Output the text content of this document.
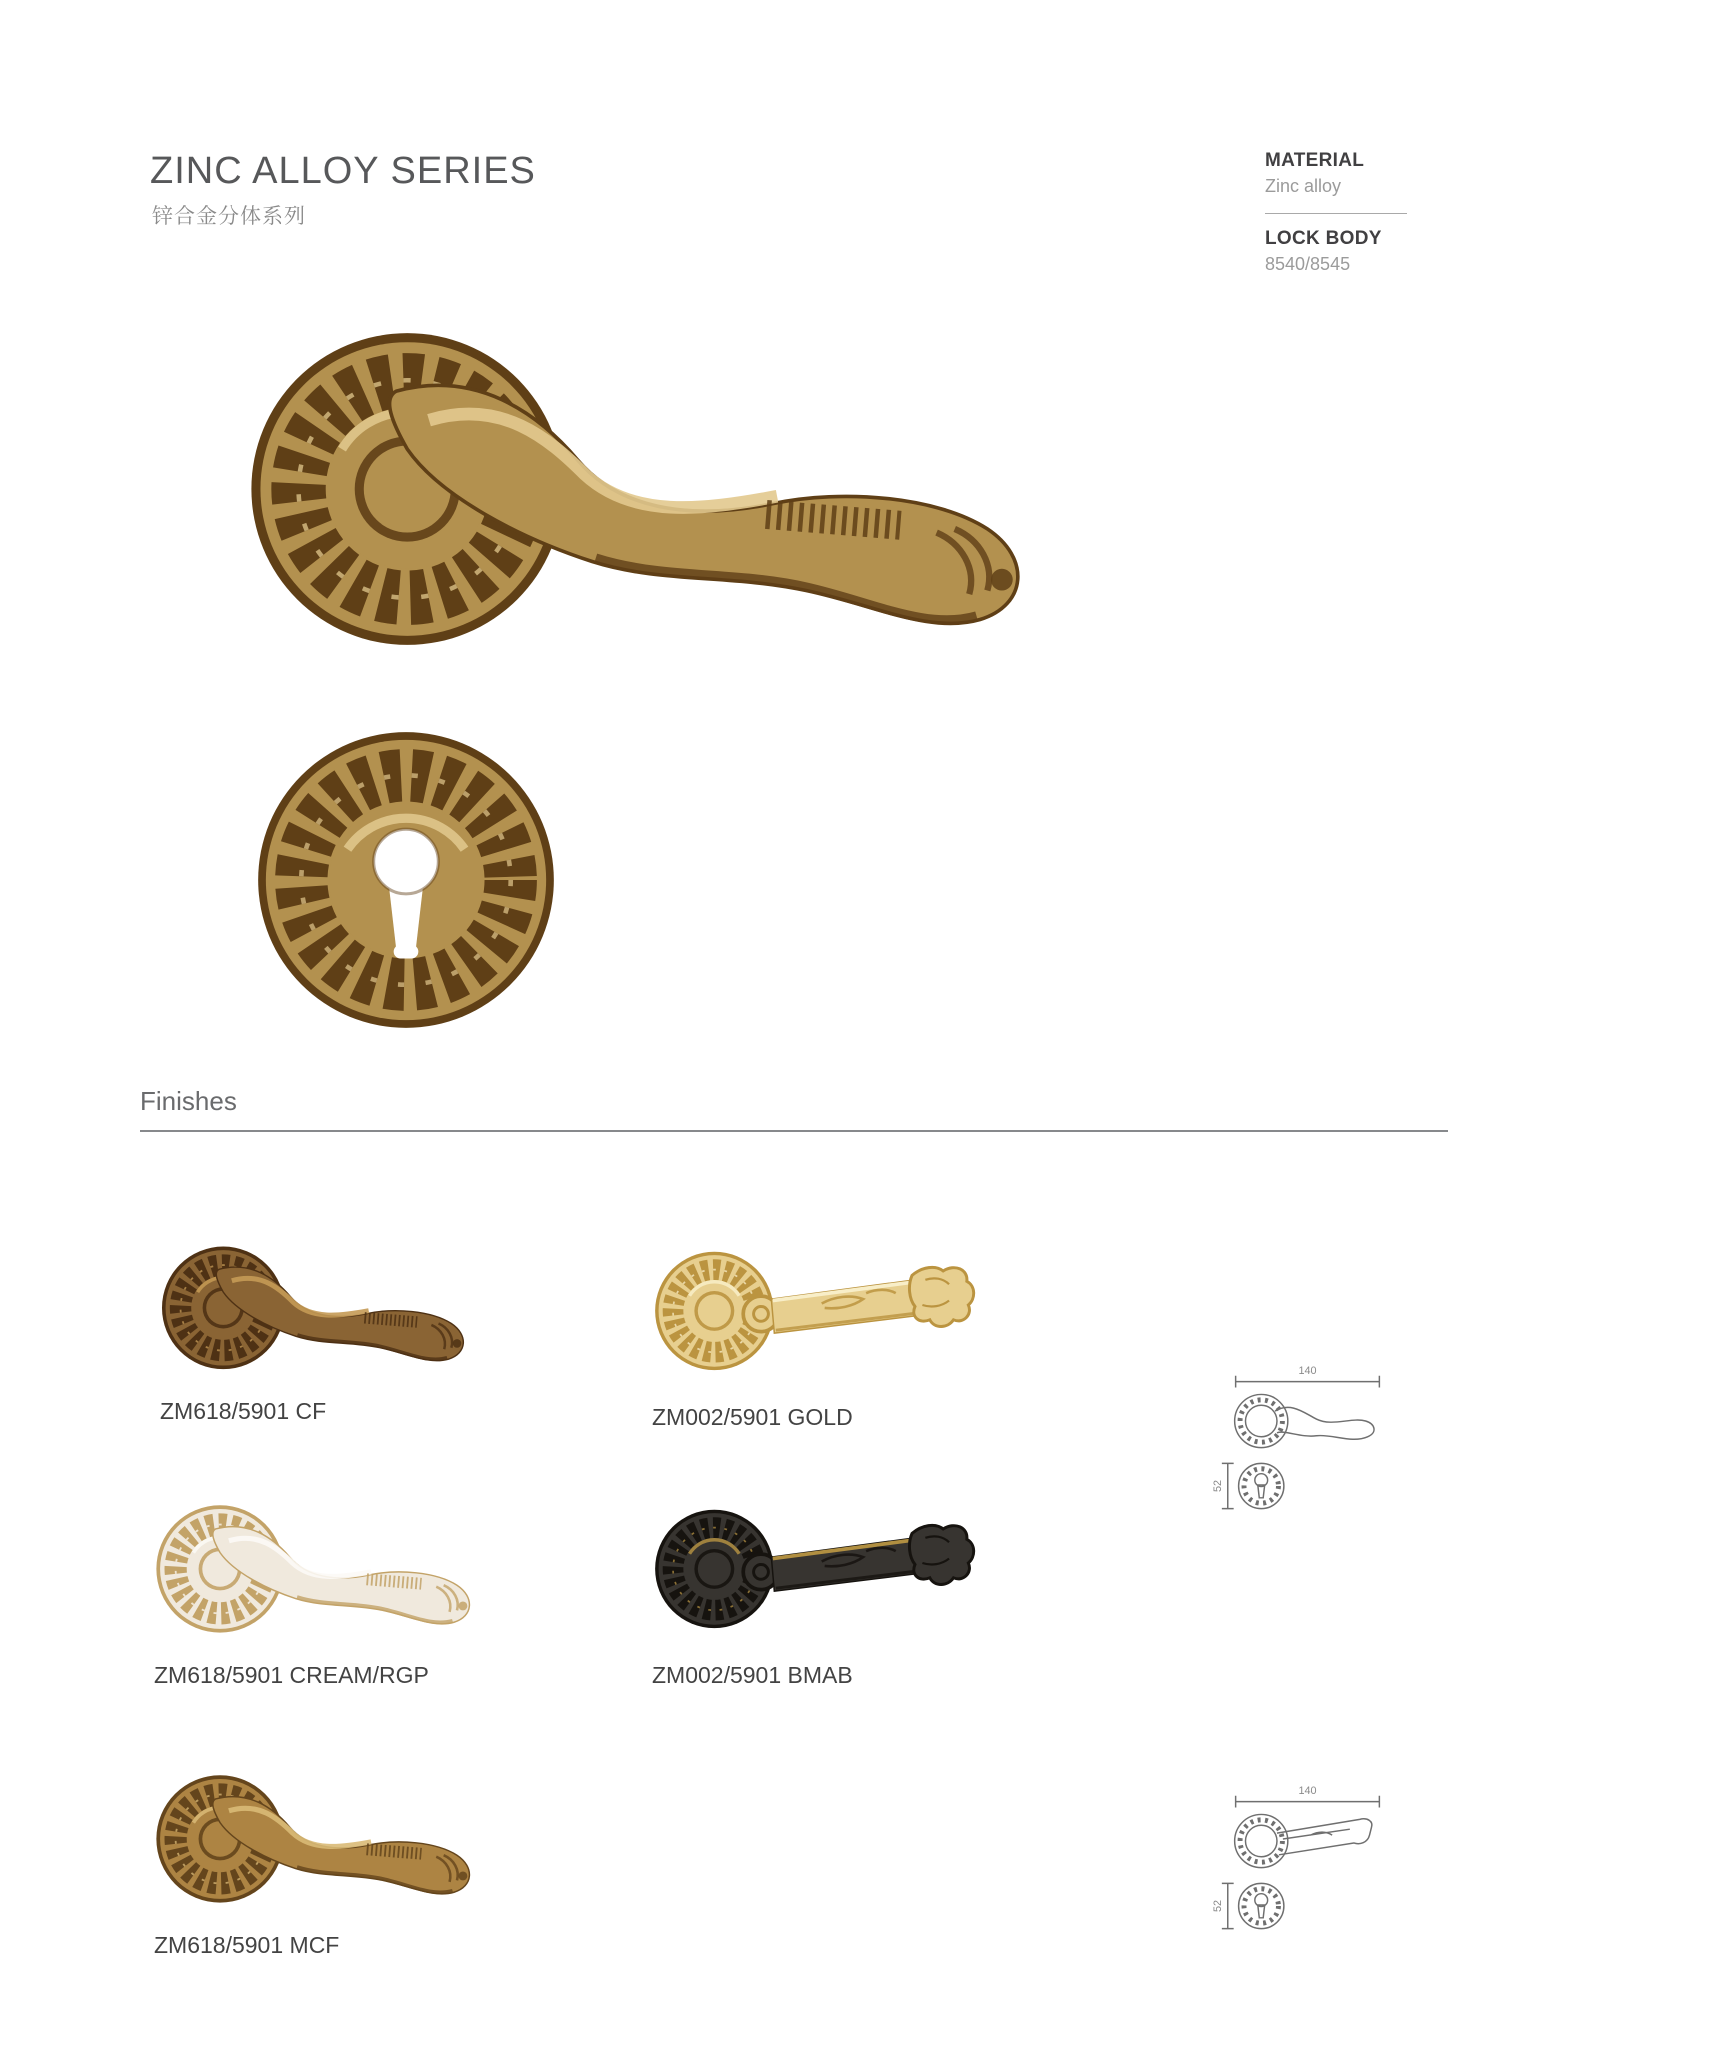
ZINC ALLOY SERIES
锌合金分体系列
MATERIAL
Zinc alloy
LOCK BODY
8540/8545
Finishes
ZM618/5901 CF	ZM002/5901 GOLD
ZM618/5901 CREAM/RGP	ZM002/5901 BMAB
ZM618/5901 MCF
140
52
140
52
